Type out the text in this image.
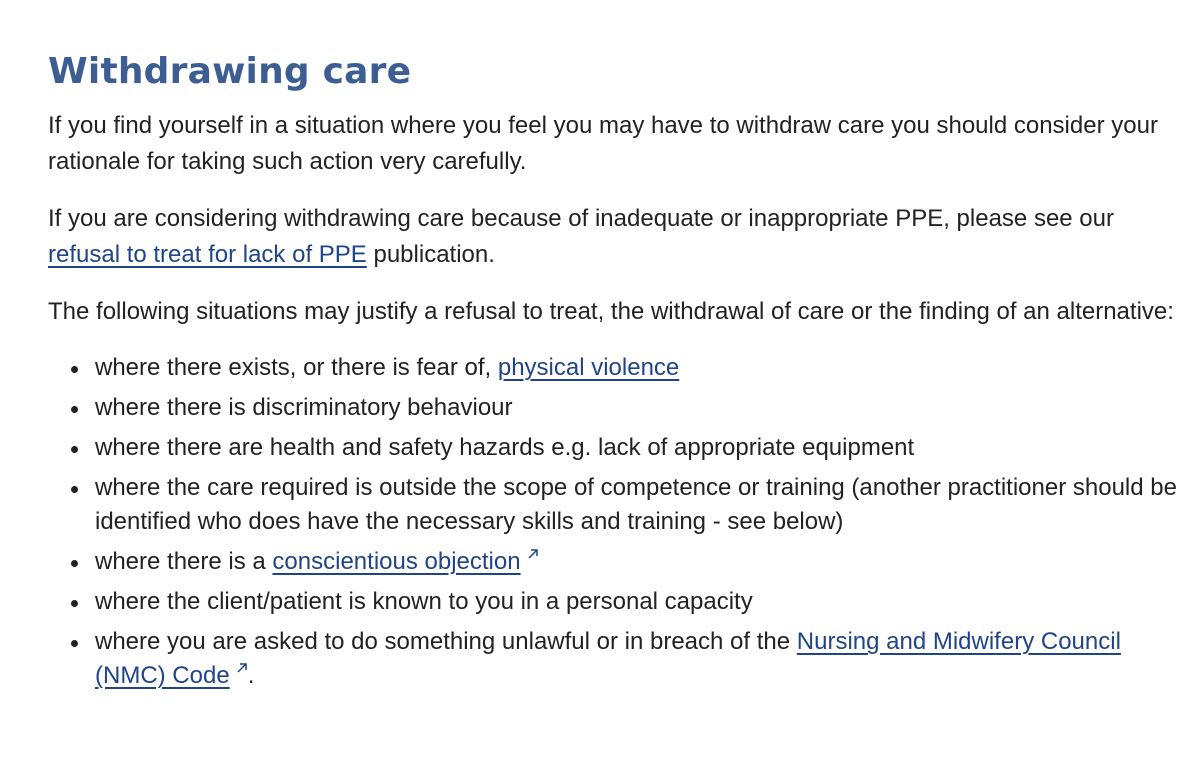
Withdrawing care

If you find yourself in a situation where you feel you may have to withdraw care you should consider your rationale for taking such action very carefully.

If you are considering withdrawing care because of inadequate or inappropriate PPE, please see our refusal to treat for lack of PPE publication.

The following situations may justify a refusal to treat, the withdrawal of care or the finding of an alternative:

where there exists, or there is fear of, physical violence
where there is discriminatory behaviour
where there are health and safety hazards e.g. lack of appropriate equipment
where the care required is outside the scope of competence or training (another practitioner should be identified who does have the necessary skills and training - see below)
where there is a conscientious objection
where the client/patient is known to you in a personal capacity
where you are asked to do something unlawful or in breach of the Nursing and Midwifery Council (NMC) Code .
